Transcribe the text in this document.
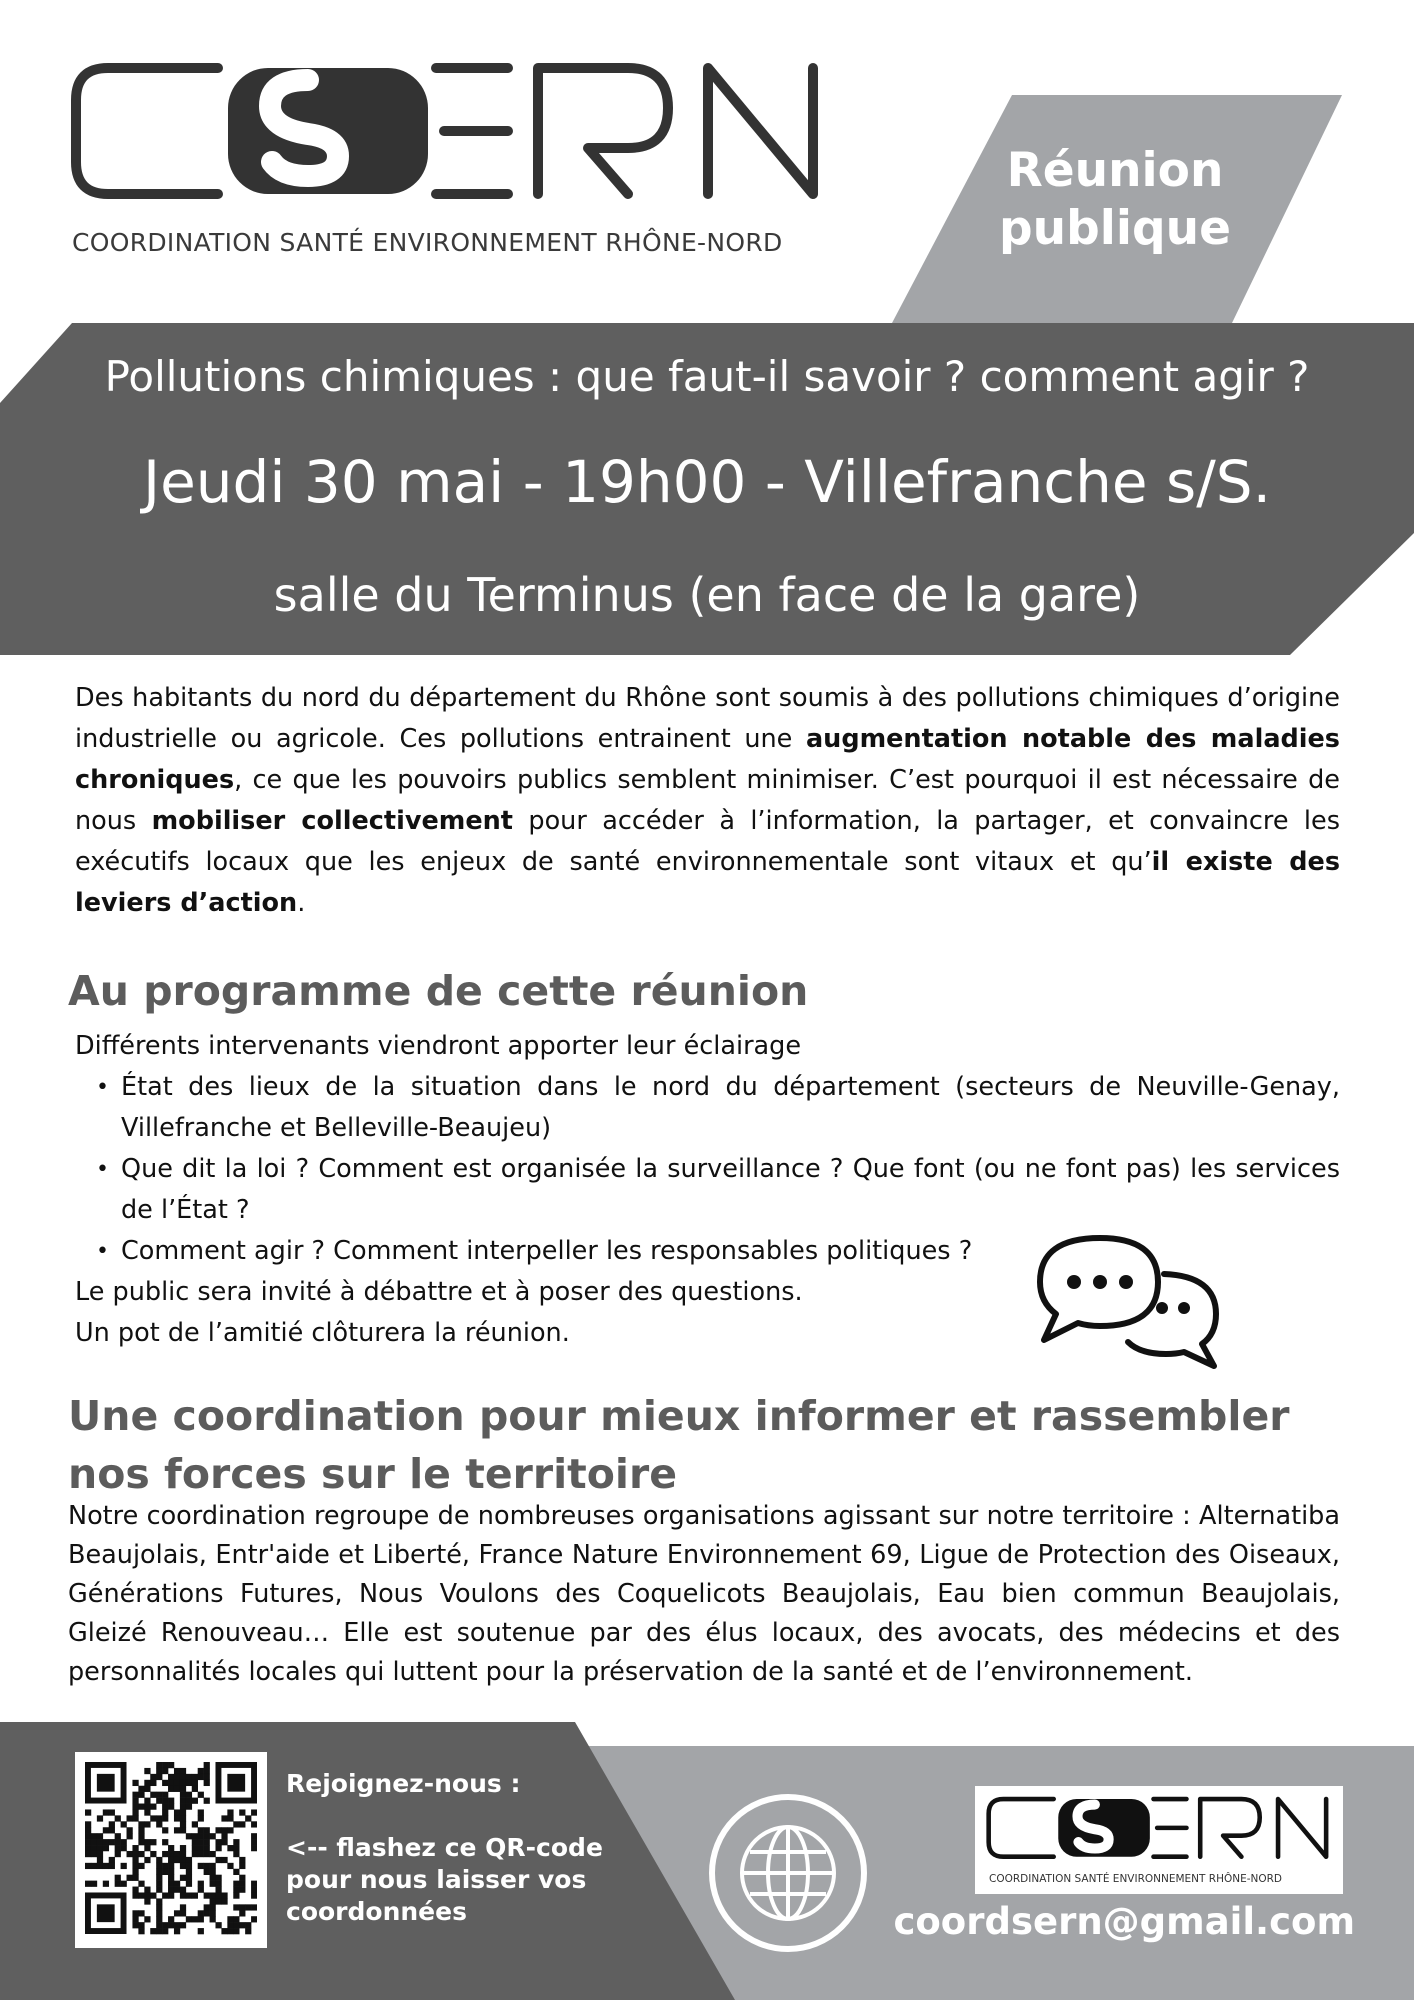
COORDINATION SANTÉ ENVIRONNEMENT RHÔNE-NORD
Réunion
publique
Pollutions chimiques : que faut-il savoir ? comment agir ?
Jeudi 30 mai - 19h00 - Villefranche s/S.
salle du Terminus (en face de la gare)
Des habitants du nord du département du Rhône sont soumis à des pollutions chimiques d’origine industrielle ou agricole. Ces pollutions entrainent une augmentation notable des maladies chroniques, ce que les pouvoirs publics semblent minimiser. C’est pourquoi il est nécessaire de nous mobiliser collectivement pour accéder à l’information, la partager, et convaincre les exécutifs locaux que les enjeux de santé environnementale sont vitaux et qu’il existe des leviers d’action.
Au programme de cette réunion
Différents intervenants viendront apporter leur éclairage
• État des lieux de la situation dans le nord du département (secteurs de Neuville-Genay, Villefranche et Belleville-Beaujeu)
• Que dit la loi ? Comment est organisée la surveillance ? Que font (ou ne font pas) les services de l’État ?
• Comment agir ? Comment interpeller les responsables politiques ?
Le public sera invité à débattre et à poser des questions.
Un pot de l’amitié clôturera la réunion.
Une coordination pour mieux informer et rassembler
nos forces sur le territoire
Notre coordination regroupe de nombreuses organisations agissant sur notre territoire : Alternatiba Beaujolais, Entr'aide et Liberté, France Nature Environnement 69, Ligue de Protection des Oiseaux, Générations Futures, Nous Voulons des Coquelicots Beaujolais, Eau bien commun Beaujolais, Gleizé Renouveau… Elle est soutenue par des élus locaux, des avocats, des médecins et des personnalités locales qui luttent pour la préservation de la santé et de l’environnement.
Rejoignez-nous :
<-- flashez ce QR-code
pour nous laisser vos
coordonnées
COORDINATION SANTÉ ENVIRONNEMENT RHÔNE-NORD
coordsern@gmail.com
